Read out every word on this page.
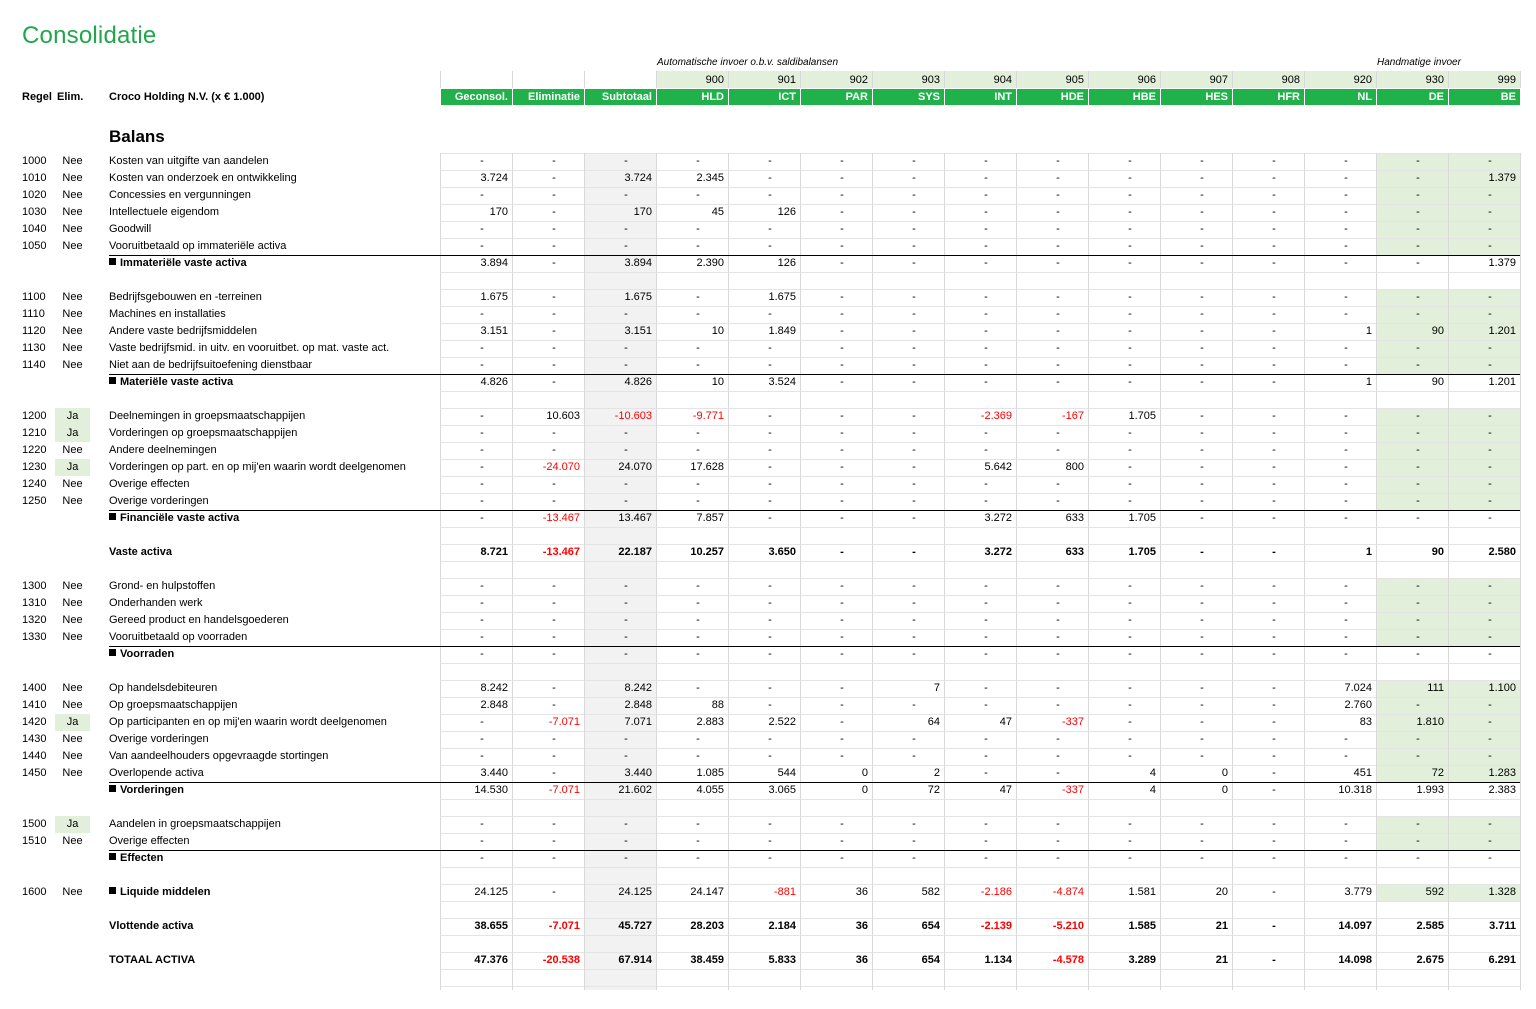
Consolidatie
Automatische invoer o.b.v. saldibalansen	Handmatige invoer
900	901	902	903	904	905	906	907	908	920	930	999
Geconsol.	Eliminatie	Subtotaal	HLD	ICT	PAR	SYS	INT	HDE	HBE	HES	HFR	NL	DE	BE
Regel Elim. Croco Holding N.V. (x € 1.000)
Balans
1000	Nee	Kosten van uitgifte van aandelen	-	-	-	-	-	-	-	-	-	-	-	-	-	-	-
1010	Nee	Kosten van onderzoek en ontwikkeling	3.724	-	3.724	2.345	-	-	-	-	-	-	-	-	-	-	1.379
1020	Nee	Concessies en vergunningen	-	-	-	-	-	-	-	-	-	-	-	-	-	-	-
1030	Nee	Intellectuele eigendom	170	-	170	45	126	-	-	-	-	-	-	-	-	-	-
1040	Nee	Goodwill	-	-	-	-	-	-	-	-	-	-	-	-	-	-	-
1050	Nee	Vooruitbetaald op immateriële activa	-	-	-	-	-	-	-	-	-	-	-	-	-	-	-
Immateriële vaste activa	3.894	-	3.894	2.390	126	-	-	-	-	-	-	-	-	-	1.379
1100	Nee	Bedrijfsgebouwen en -terreinen	1.675	-	1.675	-	1.675	-	-	-	-	-	-	-	-	-	-
1110	Nee	Machines en installaties	-	-	-	-	-	-	-	-	-	-	-	-	-	-	-
1120	Nee	Andere vaste bedrijfsmiddelen	3.151	-	3.151	10	1.849	-	-	-	-	-	-	-	1	90	1.201
1130	Nee	Vaste bedrijfsmid. in uitv. en vooruitbet. op mat. vaste act.	-	-	-	-	-	-	-	-	-	-	-	-	-	-	-
1140	Nee	Niet aan de bedrijfsuitoefening dienstbaar	-	-	-	-	-	-	-	-	-	-	-	-	-	-	-
Materiële vaste activa	4.826	-	4.826	10	3.524	-	-	-	-	-	-	-	1	90	1.201
1200	Ja	Deelnemingen in groepsmaatschappijen	-	10.603	-10.603	-9.771	-	-	-	-2.369	-167	1.705	-	-	-	-	-
1210	Ja	Vorderingen op groepsmaatschappijen	-	-	-	-	-	-	-	-	-	-	-	-	-	-	-
1220	Nee	Andere deelnemingen	-	-	-	-	-	-	-	-	-	-	-	-	-	-	-
1230	Ja	Vorderingen op part. en op mij'en waarin wordt deelgenomen	-	-24.070	24.070	17.628	-	-	-	5.642	800	-	-	-	-	-	-
1240	Nee	Overige effecten	-	-	-	-	-	-	-	-	-	-	-	-	-	-	-
1250	Nee	Overige vorderingen	-	-	-	-	-	-	-	-	-	-	-	-	-	-	-
Financiële vaste activa	-	-13.467	13.467	7.857	-	-	-	3.272	633	1.705	-	-	-	-	-
Vaste activa	8.721	-13.467	22.187	10.257	3.650	-	-	3.272	633	1.705	-	-	1	90	2.580
1300	Nee	Grond- en hulpstoffen	-	-	-	-	-	-	-	-	-	-	-	-	-	-	-
1310	Nee	Onderhanden werk	-	-	-	-	-	-	-	-	-	-	-	-	-	-	-
1320	Nee	Gereed product en handelsgoederen	-	-	-	-	-	-	-	-	-	-	-	-	-	-	-
1330	Nee	Vooruitbetaald op voorraden	-	-	-	-	-	-	-	-	-	-	-	-	-	-	-
Voorraden	-	-	-	-	-	-	-	-	-	-	-	-	-	-	-
1400	Nee	Op handelsdebiteuren	8.242	-	8.242	-	-	-	7	-	-	-	-	-	7.024	111	1.100
1410	Nee	Op groepsmaatschappijen	2.848	-	2.848	88	-	-	-	-	-	-	-	-	2.760	-	-
1420	Ja	Op participanten en op mij'en waarin wordt deelgenomen	-	-7.071	7.071	2.883	2.522	-	64	47	-337	-	-	-	83	1.810	-
1430	Nee	Overige vorderingen	-	-	-	-	-	-	-	-	-	-	-	-	-	-	-
1440	Nee	Van aandeelhouders opgevraagde stortingen	-	-	-	-	-	-	-	-	-	-	-	-	-	-	-
1450	Nee	Overlopende activa	3.440	-	3.440	1.085	544	0	2	-	-	4	0	-	451	72	1.283
Vorderingen	14.530	-7.071	21.602	4.055	3.065	0	72	47	-337	4	0	-	10.318	1.993	2.383
1500	Ja	Aandelen in groepsmaatschappijen	-	-	-	-	-	-	-	-	-	-	-	-	-	-	-
1510	Nee	Overige effecten	-	-	-	-	-	-	-	-	-	-	-	-	-	-	-
Effecten	-	-	-	-	-	-	-	-	-	-	-	-	-	-	-
1600	Nee	Liquide middelen	24.125	-	24.125	24.147	-881	36	582	-2.186	-4.874	1.581	20	-	3.779	592	1.328
Vlottende activa	38.655	-7.071	45.727	28.203	2.184	36	654	-2.139	-5.210	1.585	21	-	14.097	2.585	3.711
TOTAAL ACTIVA	47.376	-20.538	67.914	38.459	5.833	36	654	1.134	-4.578	3.289	21	-	14.098	2.675	6.291
